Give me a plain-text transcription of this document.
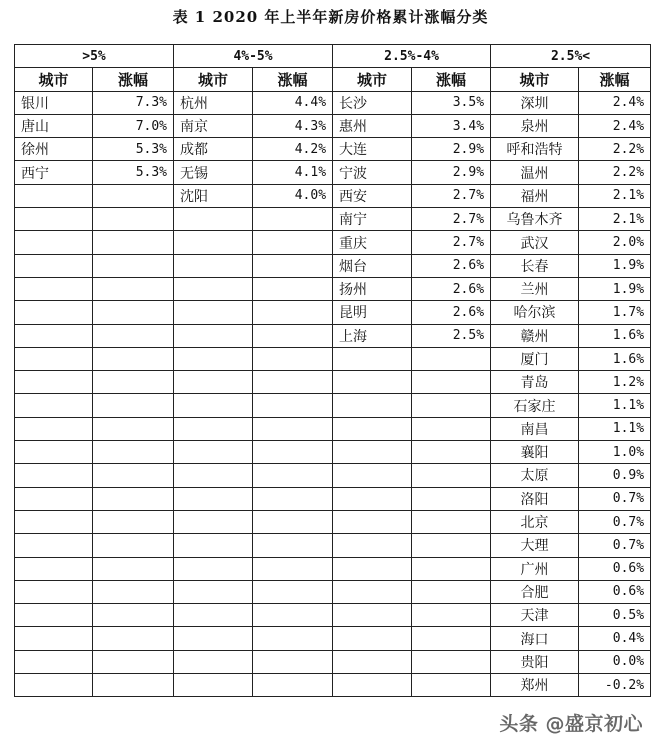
表 1 2020 年上半年新房价格累计涨幅分类
>5%		4%-5%		2.5%-4%		2.5%<	
城市	涨幅	城市	涨幅	城市	涨幅	城市	涨幅
银川	7.3%	杭州	4.4%	长沙	3.5%	深圳	2.4%
唐山	7.0%	南京	4.3%	惠州	3.4%	泉州	2.4%
徐州	5.3%	成都	4.2%	大连	2.9%	呼和浩特	2.2%
西宁	5.3%	无锡	4.1%	宁波	2.9%	温州	2.2%
		沈阳	4.0%	西安	2.7%	福州	2.1%
				南宁	2.7%	乌鲁木齐	2.1%
				重庆	2.7%	武汉	2.0%
				烟台	2.6%	长春	1.9%
				扬州	2.6%	兰州	1.9%
				昆明	2.6%	哈尔滨	1.7%
				上海	2.5%	赣州	1.6%
						厦门	1.6%
						青岛	1.2%
						石家庄	1.1%
						南昌	1.1%
						襄阳	1.0%
						太原	0.9%
						洛阳	0.7%
						北京	0.7%
						大理	0.7%
						广州	0.6%
						合肥	0.6%
						天津	0.5%
						海口	0.4%
						贵阳	0.0%
						郑州	-0.2%
头条 @盛京初心
